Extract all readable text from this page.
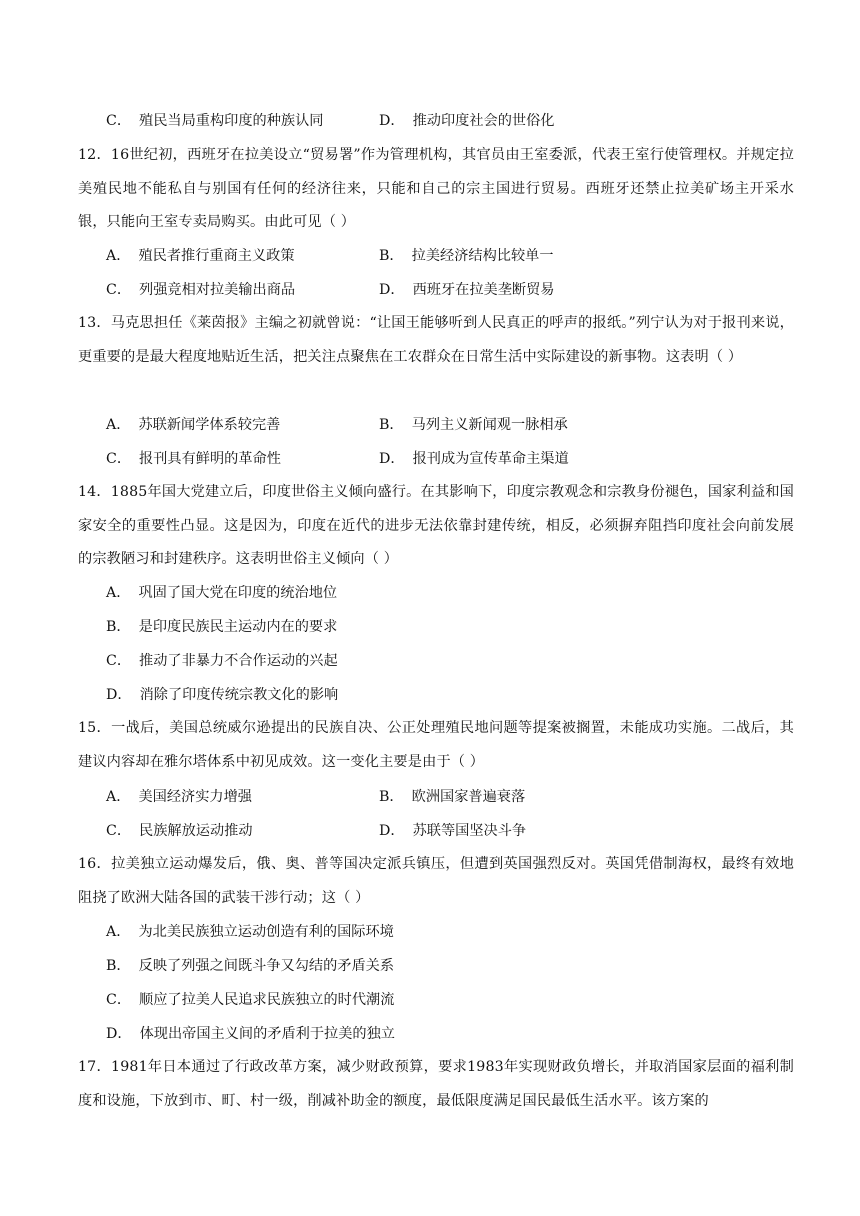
C． 殖民当局重构印度的种族认同	D． 推动印度社会的世俗化
12．16世纪初，西班牙在拉美设立“贸易署”作为管理机构，其官员由王室委派，代表王室行使管理权。并规定拉美殖民地不能私自与别国有任何的经济往来，只能和自己的宗主国进行贸易。西班牙还禁止拉美矿场主开采水银，只能向王室专卖局购买。由此可见（ ）
A． 殖民者推行重商主义政策	B． 拉美经济结构比较单一
C． 列强竞相对拉美输出商品	D． 西班牙在拉美垄断贸易
13．马克思担任《莱茵报》主编之初就曾说：“让国王能够听到人民真正的呼声的报纸。”列宁认为对于报刊来说，更重要的是最大程度地贴近生活，把关注点聚焦在工农群众在日常生活中实际建设的新事物。这表明（ ）
A． 苏联新闻学体系较完善	B． 马列主义新闻观一脉相承
C． 报刊具有鲜明的革命性	D． 报刊成为宣传革命主渠道
14．1885年国大党建立后，印度世俗主义倾向盛行。在其影响下，印度宗教观念和宗教身份褪色，国家利益和国家安全的重要性凸显。这是因为，印度在近代的进步无法依靠封建传统，相反，必须摒弃阻挡印度社会向前发展的宗教陋习和封建秩序。这表明世俗主义倾向（ ）
A． 巩固了国大党在印度的统治地位
B． 是印度民族民主运动内在的要求
C． 推动了非暴力不合作运动的兴起
D． 消除了印度传统宗教文化的影响
15．一战后，美国总统威尔逊提出的民族自决、公正处理殖民地问题等提案被搁置，未能成功实施。二战后，其建议内容却在雅尔塔体系中初见成效。这一变化主要是由于（ ）
A． 美国经济实力增强	B． 欧洲国家普遍衰落
C． 民族解放运动推动	D． 苏联等国坚决斗争
16．拉美独立运动爆发后，俄、奥、普等国决定派兵镇压，但遭到英国强烈反对。英国凭借制海权，最终有效地阻挠了欧洲大陆各国的武装干涉行动；这（ ）
A． 为北美民族独立运动创造有利的国际环境
B． 反映了列强之间既斗争又勾结的矛盾关系
C． 顺应了拉美人民追求民族独立的时代潮流
D． 体现出帝国主义间的矛盾利于拉美的独立
17．1981年日本通过了行政改革方案，减少财政预算，要求1983年实现财政负增长，并取消国家层面的福利制度和设施，下放到市、町、村一级，削减补助金的额度，最低限度满足国民最低生活水平。该方案的
